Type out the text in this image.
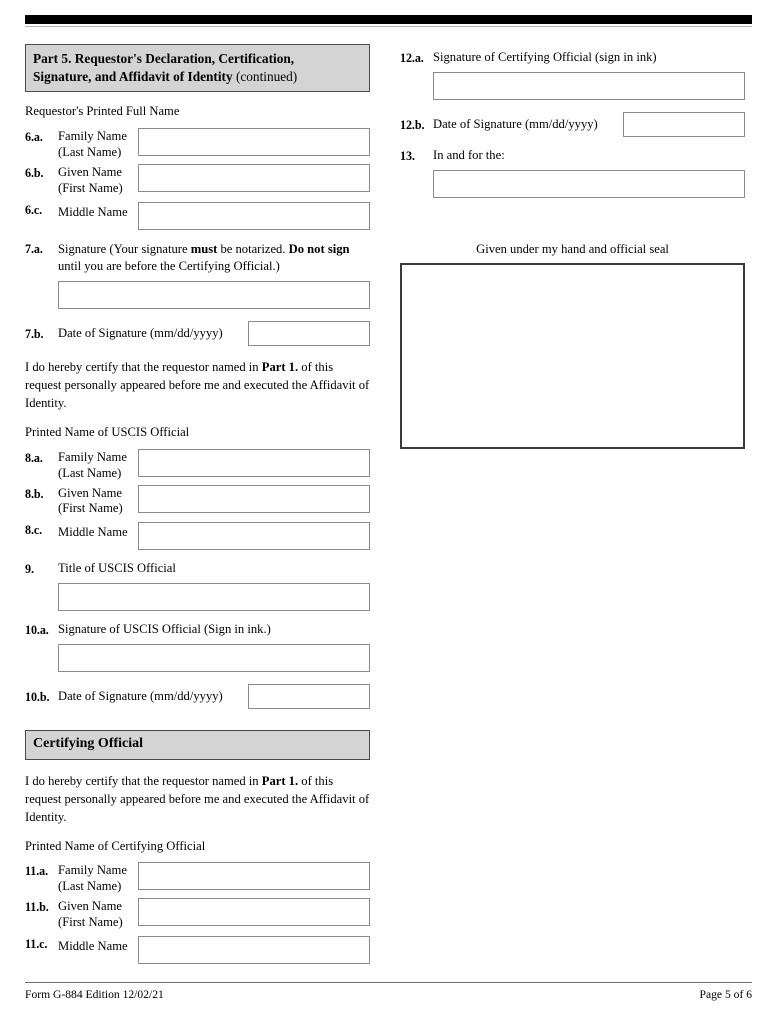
Part 5. Requestor's Declaration, Certification,
Signature, and Affidavit of Identity (continued)
Requestor's Printed Full Name
6.a.	Family Name
(Last Name)
6.b.	Given Name
(First Name)
6.c.	Middle Name
7.a.	Signature (Your signature must be notarized. Do not sign until you are before the Certifying Official.)
7.b.	Date of Signature (mm/dd/yyyy)
I do hereby certify that the requestor named in Part 1. of this request personally appeared before me and executed the Affidavit of Identity.
Printed Name of USCIS Official
8.a.	Family Name
(Last Name)
8.b.	Given Name
(First Name)
8.c.	Middle Name
9.	Title of USCIS Official
10.a. Signature of USCIS Official (Sign in ink.)
10.b. Date of Signature (mm/dd/yyyy)
Certifying Official
I do hereby certify that the requestor named in Part 1. of this request personally appeared before me and executed the Affidavit of Identity.
Printed Name of Certifying Official
11.a. Family Name
(Last Name)
11.b. Given Name
(First Name)
11.c. Middle Name
12.a. Signature of Certifying Official (sign in ink)
12.b. Date of Signature (mm/dd/yyyy)
13.	In and for the:
Given under my hand and official seal
Form G-884 Edition 12/02/21	Page 5 of 6
